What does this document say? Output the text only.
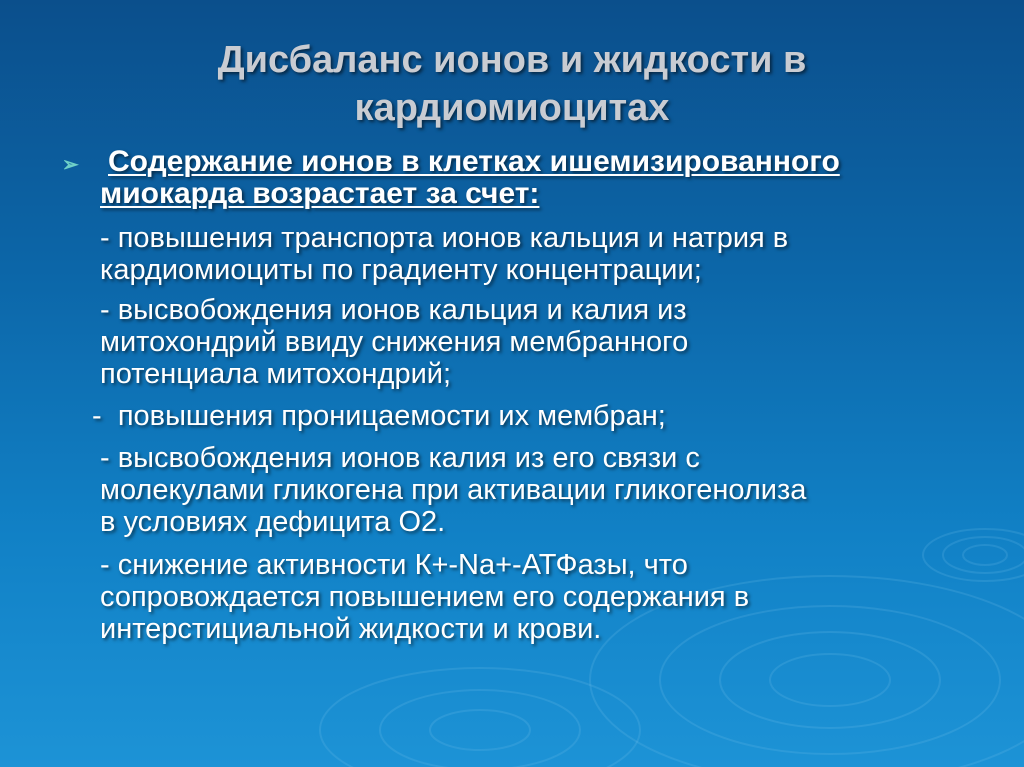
Дисбаланс ионов и жидкости в
кардиомиоцитах
➢ Содержание ионов в клетках ишемизированного
миокарда возрастает за счет:
- повышения транспорта ионов кальция и натрия в
кардиомиоциты по градиенту концентрации;
- высвобождения ионов кальция и калия из
митохондрий ввиду снижения мембранного
потенциала митохондрий;
-  повышения проницаемости их мембран;
- высвобождения ионов калия из его связи с
молекулами гликогена при активации гликогенолиза
в условиях дефицита О2.
- снижение активности К+-Na+-АТФазы, что
сопровождается повышением его содержания в
интерстициальной жидкости и крови.
